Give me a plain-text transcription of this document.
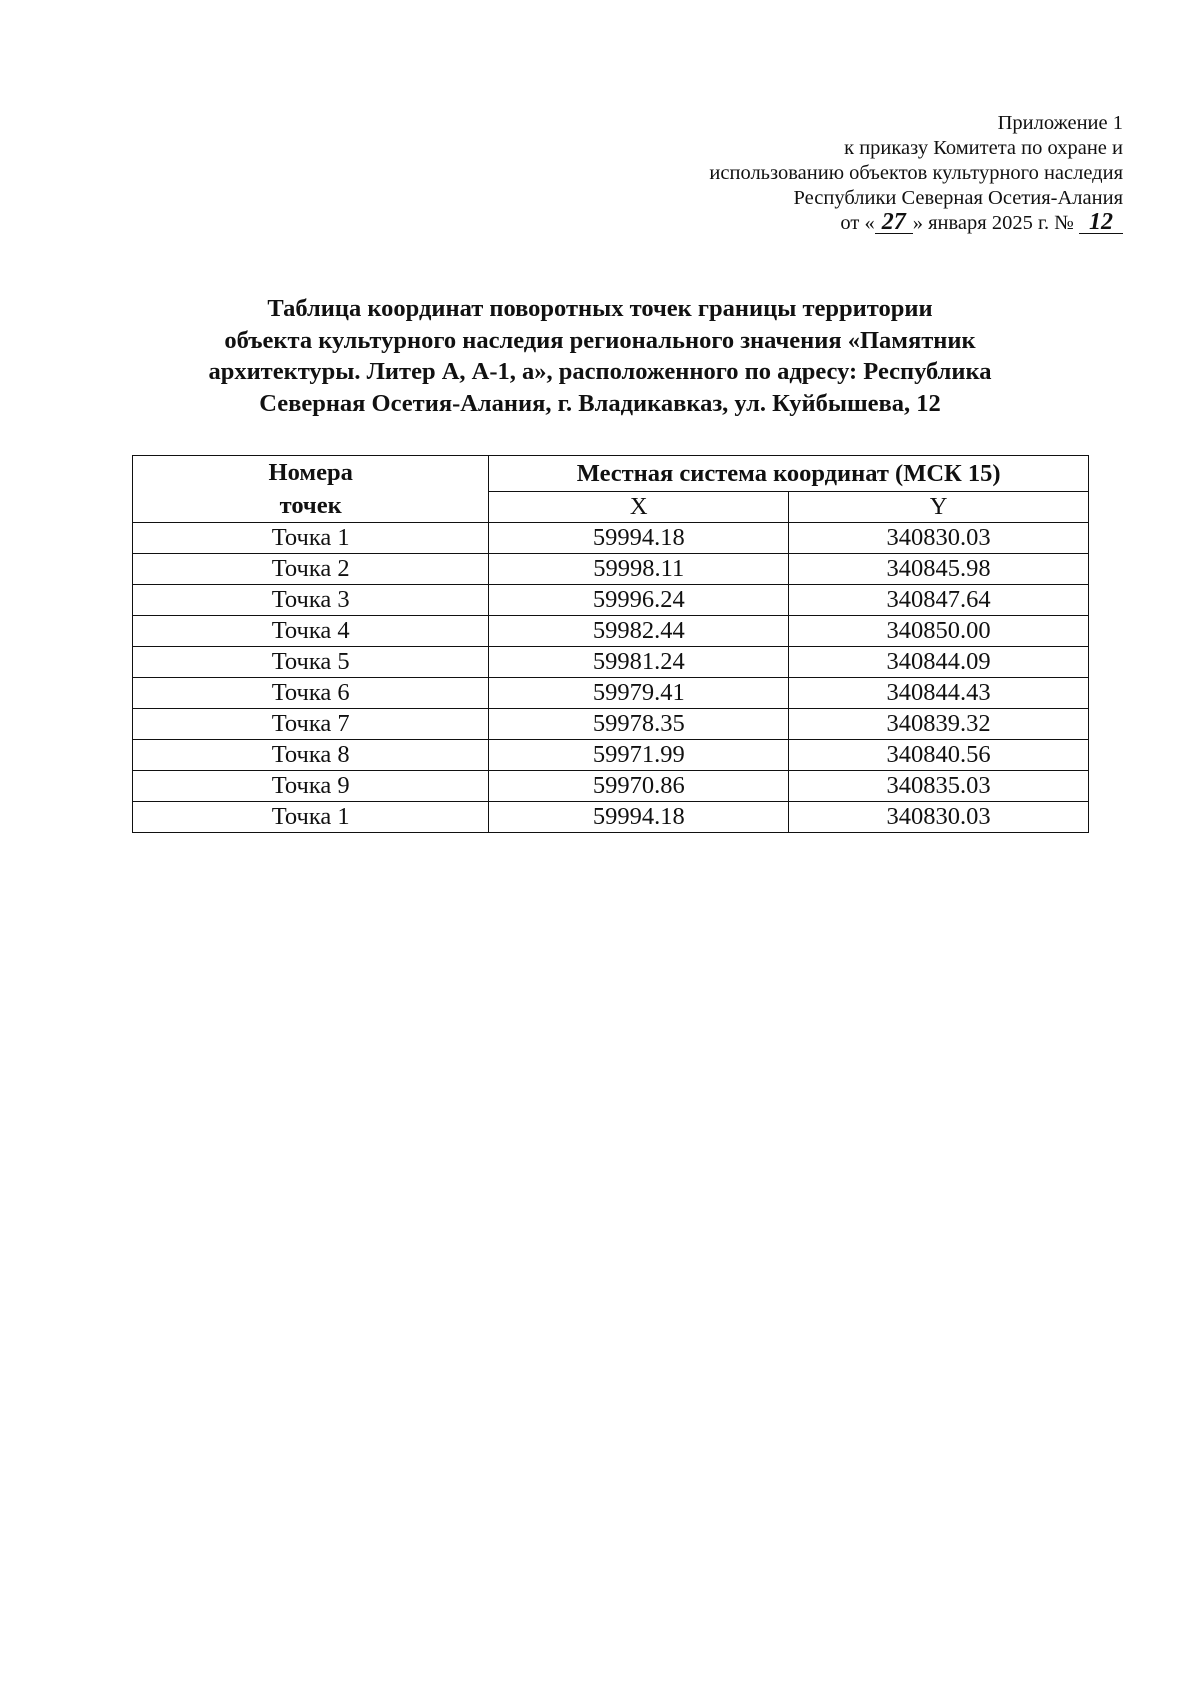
Приложение 1
к приказу Комитета по охране и
использованию объектов культурного наследия
Республики Северная Осетия-Алания
от « 27 » января 2025 г. № 12
Таблица координат поворотных точек границы территории
объекта культурного наследия регионального значения «Памятник
архитектуры. Литер А, А-1, а», расположенного по адресу: Республика
Северная Осетия-Алания, г. Владикавказ, ул. Куйбышева, 12
Номера
точек	Местная система координат (МСК 15)	
	X	Y
Точка 1	59994.18	340830.03
Точка 2	59998.11	340845.98
Точка 3	59996.24	340847.64
Точка 4	59982.44	340850.00
Точка 5	59981.24	340844.09
Точка 6	59979.41	340844.43
Точка 7	59978.35	340839.32
Точка 8	59971.99	340840.56
Точка 9	59970.86	340835.03
Точка 1	59994.18	340830.03
